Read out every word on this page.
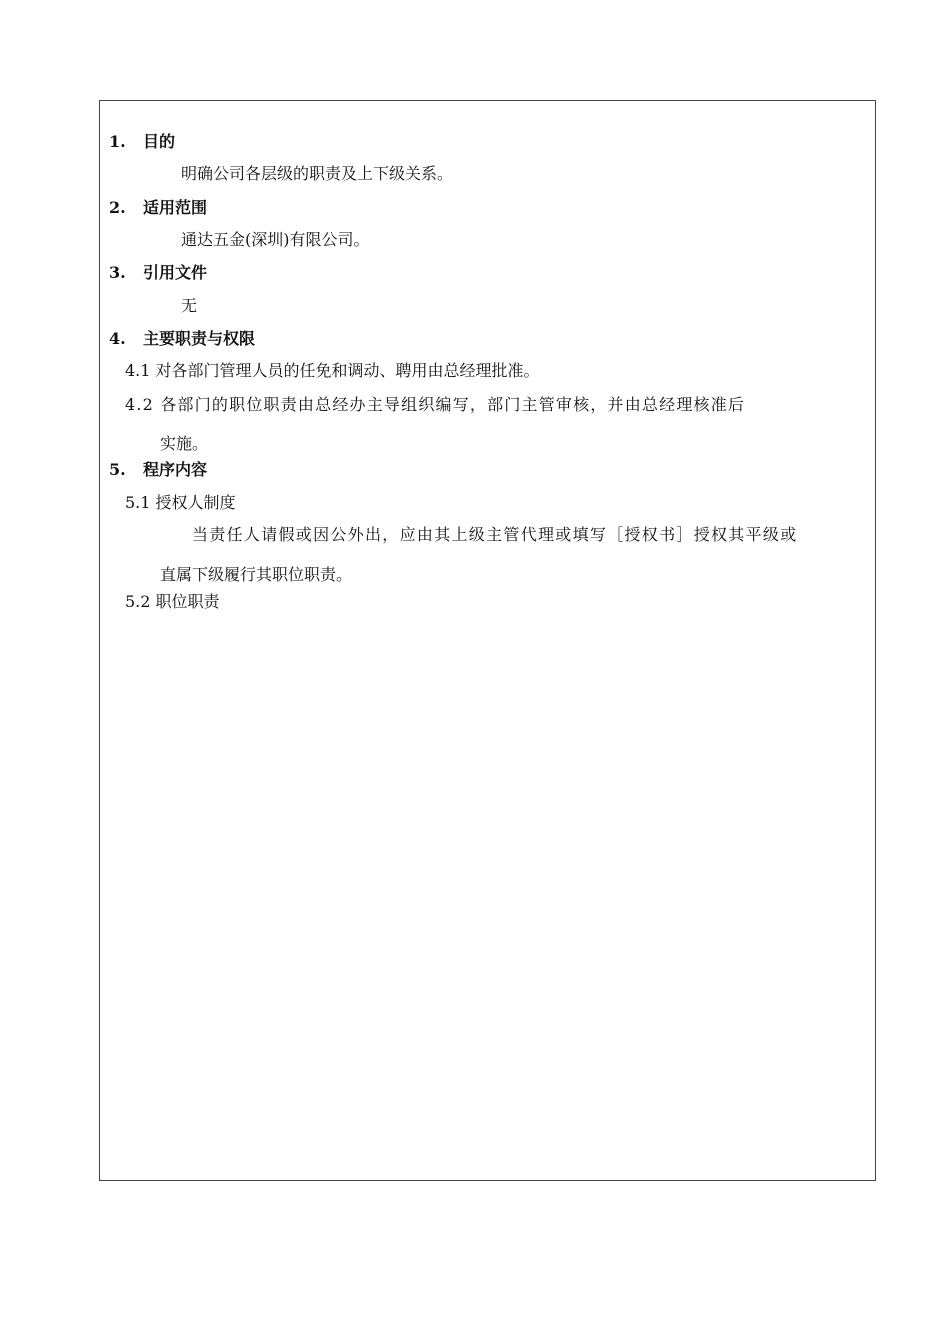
1. 目的
明确公司各层级的职责及上下级关系。
2. 适用范围
通达五金(深圳)有限公司。
3. 引用文件
无
4. 主要职责与权限
4.1 对各部门管理人员的任免和调动、聘用由总经理批准。
4.2 各部门的职位职责由总经办主导组织编写，部门主管审核，并由总经理核准后
实施。
5. 程序内容
5.1 授权人制度
当责任人请假或因公外出，应由其上级主管代理或填写［授权书］授权其平级或
直属下级履行其职位职责。
5.2 职位职责
